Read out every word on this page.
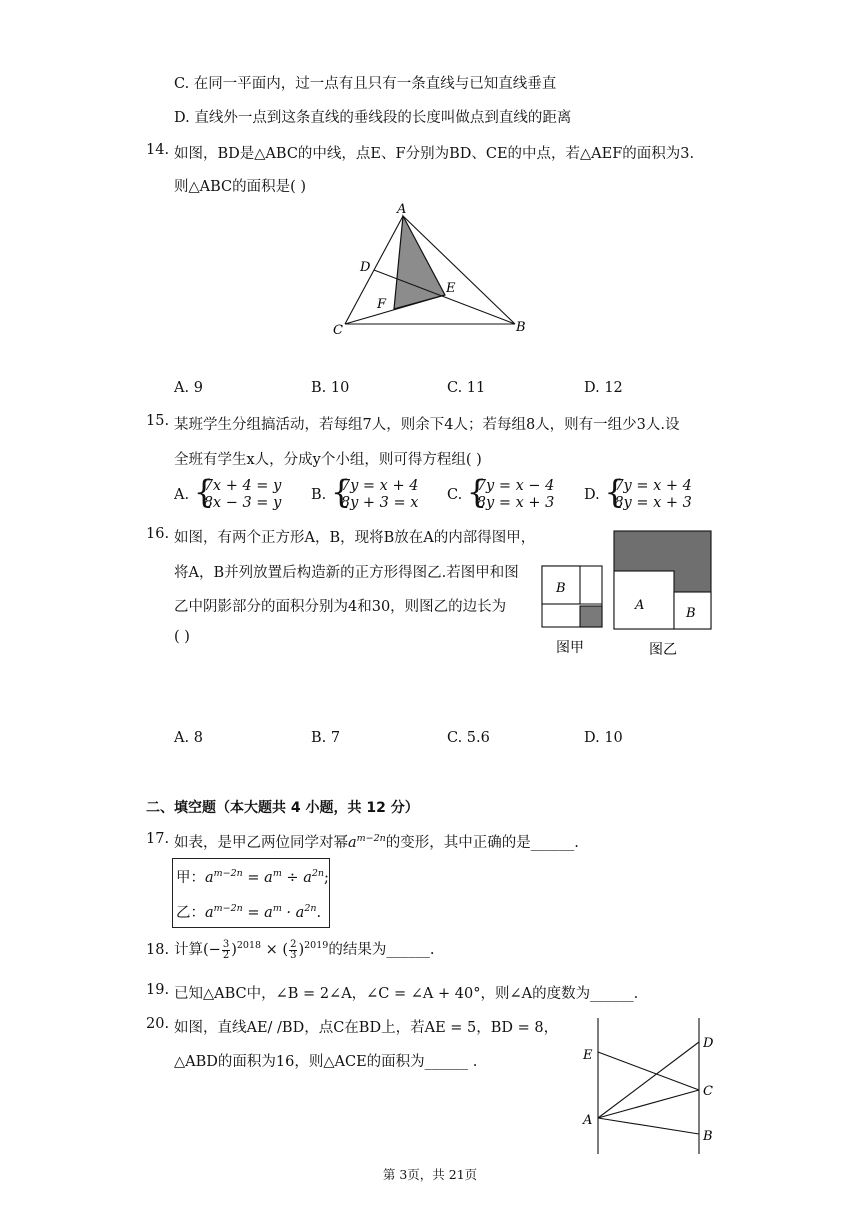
C. 在同一平面内，过一点有且只有一条直线与已知直线垂直
D. 直线外一点到这条直线的垂线段的长度叫做点到直线的距离
14. 如图，BD是△ABC的中线，点E、F分别为BD、CE的中点，若△AEF的面积为3.
则△ABC的面积是( )
A
D
E
F
C	B
A. 9	B. 10	C. 11	D. 12
15. 某班学生分组搞活动，若每组7人，则余下4人；若每组8人，则有一组少3人.设
全班有学生x人，分成y个小组，则可得方程组( )
A.
{ 7x + 4 = y
8x − 3 = y B.
{ 7y = x + 4
8y + 3 = x C.
{ 7y = x − 4
8y = x + 3 D.
{ 7y = x + 4
8y = x + 3
16. 如图，有两个正方形A，B，现将B放在A的内部得图甲，
将A，B并列放置后构造新的正方形得图乙.若图甲和图
乙中阴影部分的面积分别为4和30，则图乙的边长为
( )
B
图甲
A
B
图乙
A. 8	B. 7	C. 5.6	D. 10
二、填空题（本大题共 4 小题，共 12 分）
17. 如表，是甲乙两位同学对幂$a^{m-2n}$的变形，其中正确的是______.
甲：$a^{m-2n} = a^m \div a^{2n}$;
乙：$a^{m-2n} = a^m \cdot a^{2n}$.
18. 计算(− $\frac{3}{2} )^{2018}$ × ( $\frac{2}{3} )^{2019}$的结果为______.
19. 已知△ABC中，∠B = 2∠A，∠C = ∠A + 40°，则∠A的度数为______.
20. 如图，直线AE/ /BD，点C在BD上，若AE = 5，BD = 8，
△ABD的面积为16，则△ACE的面积为______ .	E
A
D
C
B
第 3页，共 21页
